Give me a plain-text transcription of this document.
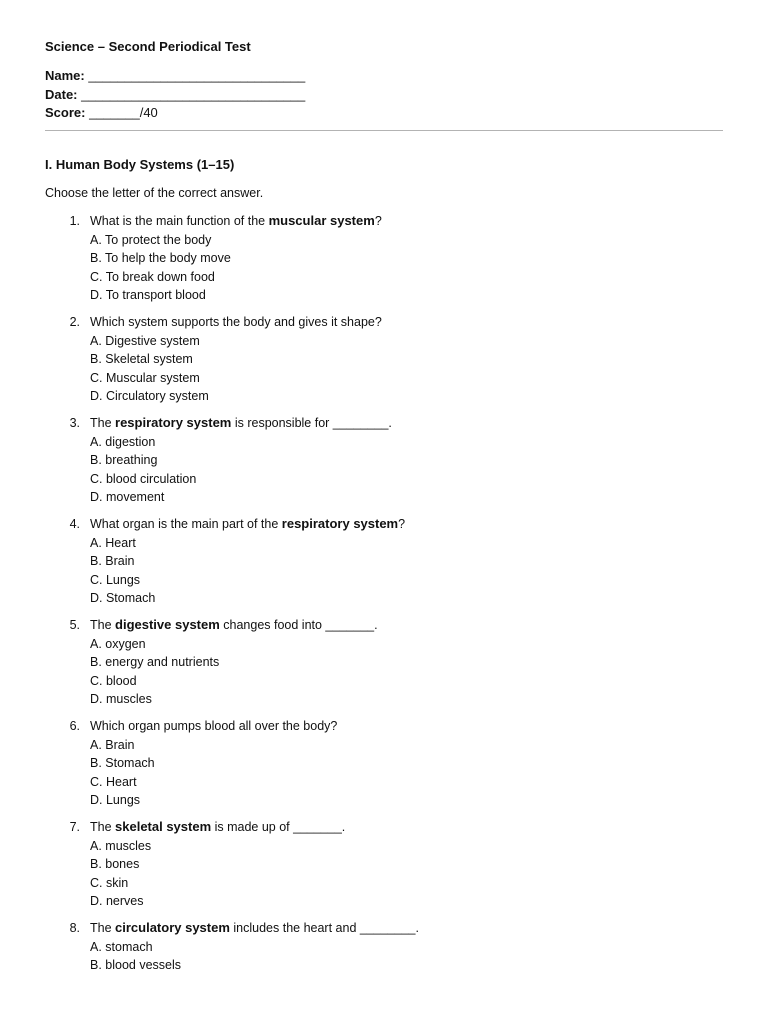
Science – Second Periodical Test
Name: ______________________________
Date: _______________________________
Score: _______/40
I. Human Body Systems (1–15)
Choose the letter of the correct answer.
1. What is the main function of the muscular system?
A. To protect the body
B. To help the body move
C. To break down food
D. To transport blood
2. Which system supports the body and gives it shape?
A. Digestive system
B. Skeletal system
C. Muscular system
D. Circulatory system
3. The respiratory system is responsible for ________.
A. digestion
B. breathing
C. blood circulation
D. movement
4. What organ is the main part of the respiratory system?
A. Heart
B. Brain
C. Lungs
D. Stomach
5. The digestive system changes food into _______.
A. oxygen
B. energy and nutrients
C. blood
D. muscles
6. Which organ pumps blood all over the body?
A. Brain
B. Stomach
C. Heart
D. Lungs
7. The skeletal system is made up of _______.
A. muscles
B. bones
C. skin
D. nerves
8. The circulatory system includes the heart and ________.
A. stomach
B. blood vessels
